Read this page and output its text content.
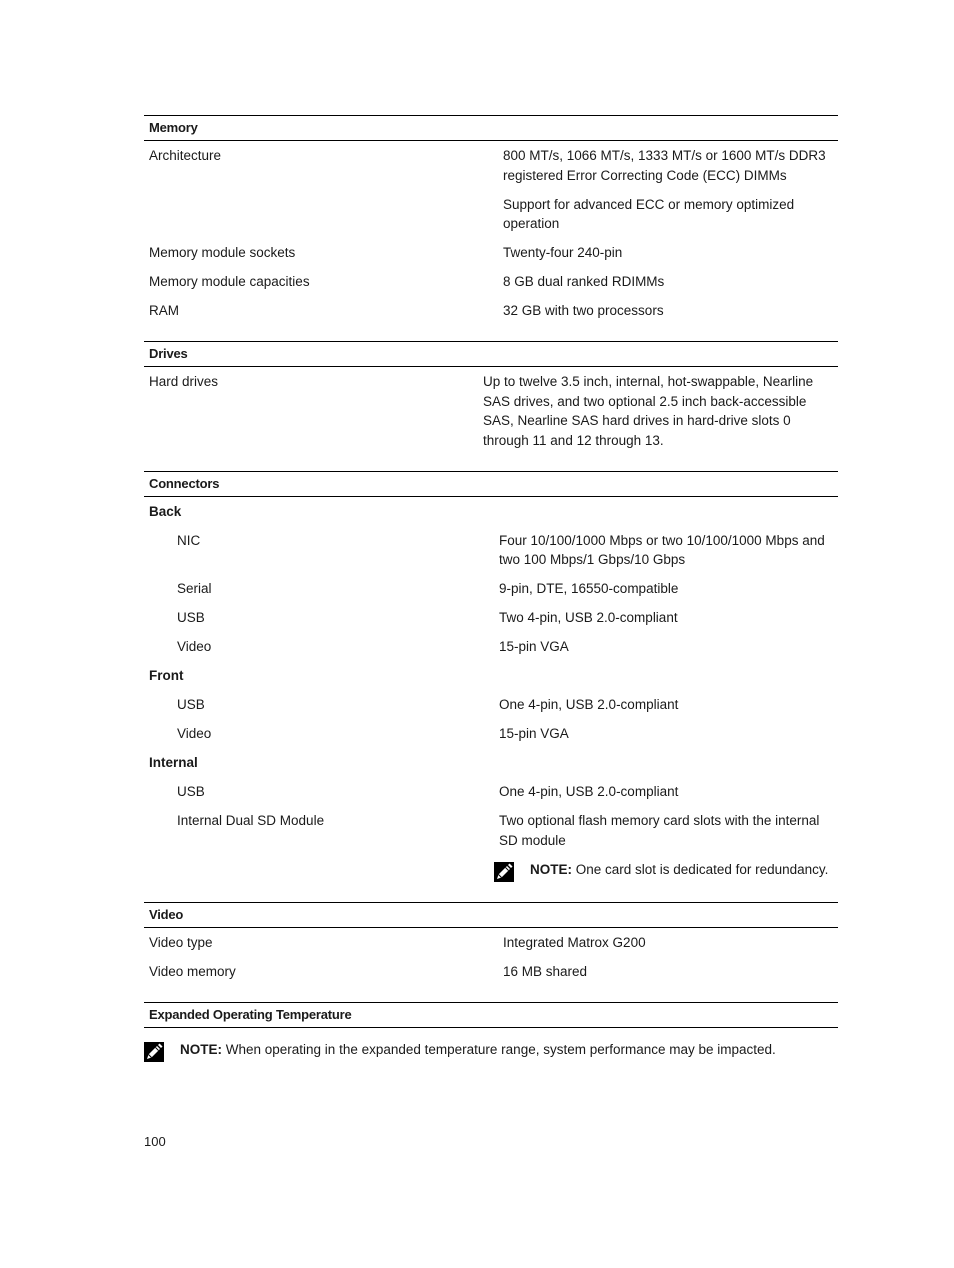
Memory
Architecture	800 MT/s, 1066 MT/s, 1333 MT/s or 1600 MT/s DDR3 registered Error Correcting Code (ECC) DIMMs

Support for advanced ECC or memory optimized operation

Memory module sockets	Twenty-four 240-pin

Memory module capacities	8 GB dual ranked RDIMMs

RAM	32 GB with two processors

Drives
Hard drives	Up to twelve 3.5 inch, internal, hot-swappable, Nearline SAS drives, and two optional 2.5 inch back-accessible SAS, Nearline SAS hard drives in hard-drive slots 0 through 11 and 12 through 13.

Connectors
Back
NIC	Four 10/100/1000 Mbps or two 10/100/1000 Mbps and two 100 Mbps/1 Gbps/10 Gbps
Serial	9-pin, DTE, 16550-compatible
USB	Two 4-pin, USB 2.0-compliant
Video	15-pin VGA
Front
USB	One 4-pin, USB 2.0-compliant
Video	15-pin VGA
Internal
USB	One 4-pin, USB 2.0-compliant
Internal Dual SD Module	Two optional flash memory card slots with the internal SD module

NOTE: One card slot is dedicated for redundancy.
Video
Video type	Integrated Matrox G200

Video memory	16 MB shared

Expanded Operating Temperature
NOTE: When operating in the expanded temperature range, system performance may be impacted.
100
